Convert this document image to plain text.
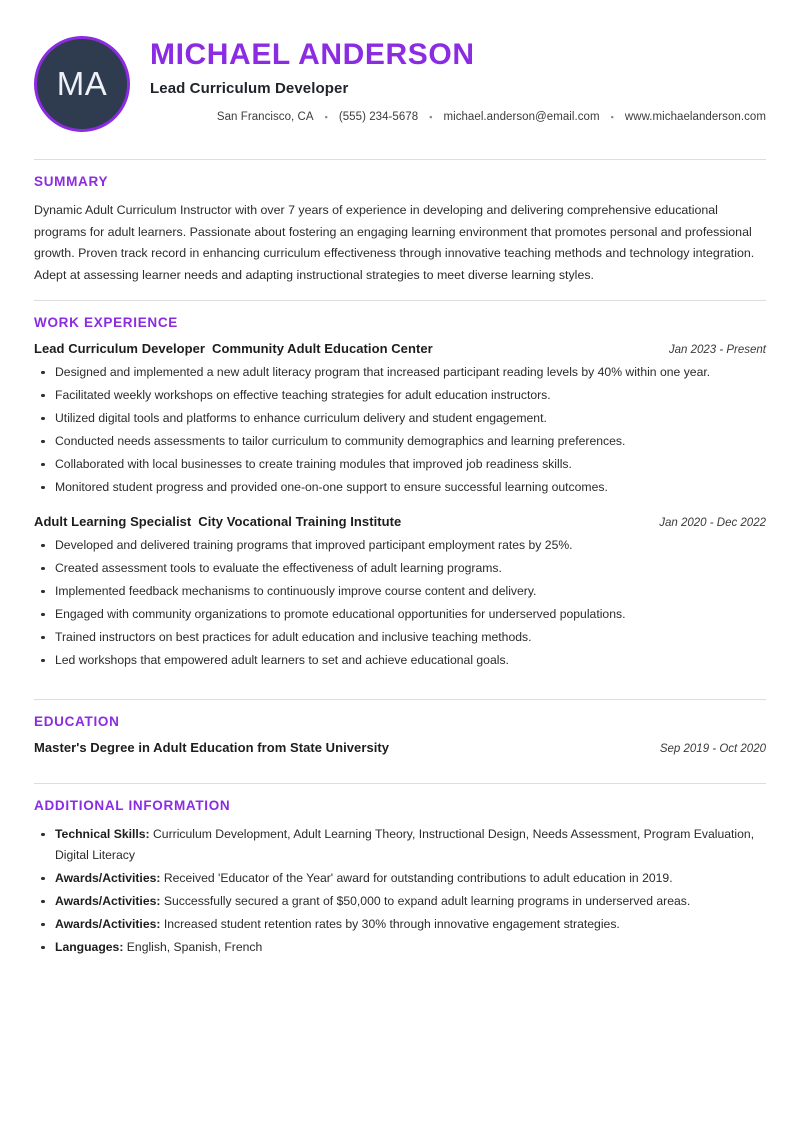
MA
MICHAEL ANDERSON
Lead Curriculum Developer
San Francisco, CA	▪ (555) 234-5678	▪ michael.anderson@email.com	▪ www.michaelanderson.com
SUMMARY
Dynamic Adult Curriculum Instructor with over 7 years of experience in developing and delivering comprehensive educational programs for adult learners. Passionate about fostering an engaging learning environment that promotes personal and professional growth. Proven track record in enhancing curriculum effectiveness through innovative teaching methods and technology integration. Adept at assessing learner needs and adapting instructional strategies to meet diverse learning styles.
WORK EXPERIENCE
Lead Curriculum Developer Community Adult Education Center	Jan 2023 - Present
Designed and implemented a new adult literacy program that increased participant reading levels by 40% within one year.
Facilitated weekly workshops on effective teaching strategies for adult education instructors.
Utilized digital tools and platforms to enhance curriculum delivery and student engagement.
Conducted needs assessments to tailor curriculum to community demographics and learning preferences.
Collaborated with local businesses to create training modules that improved job readiness skills.
Monitored student progress and provided one-on-one support to ensure successful learning outcomes.
Adult Learning Specialist City Vocational Training Institute	Jan 2020 - Dec 2022
Developed and delivered training programs that improved participant employment rates by 25%.
Created assessment tools to evaluate the effectiveness of adult learning programs.
Implemented feedback mechanisms to continuously improve course content and delivery.
Engaged with community organizations to promote educational opportunities for underserved populations.
Trained instructors on best practices for adult education and inclusive teaching methods.
Led workshops that empowered adult learners to set and achieve educational goals.
EDUCATION
Master's Degree in Adult Education from State University	Sep 2019 - Oct 2020
ADDITIONAL INFORMATION
Technical Skills: Curriculum Development, Adult Learning Theory, Instructional Design, Needs Assessment, Program Evaluation, Digital Literacy
Awards/Activities: Received 'Educator of the Year' award for outstanding contributions to adult education in 2019.
Awards/Activities: Successfully secured a grant of $50,000 to expand adult learning programs in underserved areas.
Awards/Activities: Increased student retention rates by 30% through innovative engagement strategies.
Languages: English, Spanish, French
